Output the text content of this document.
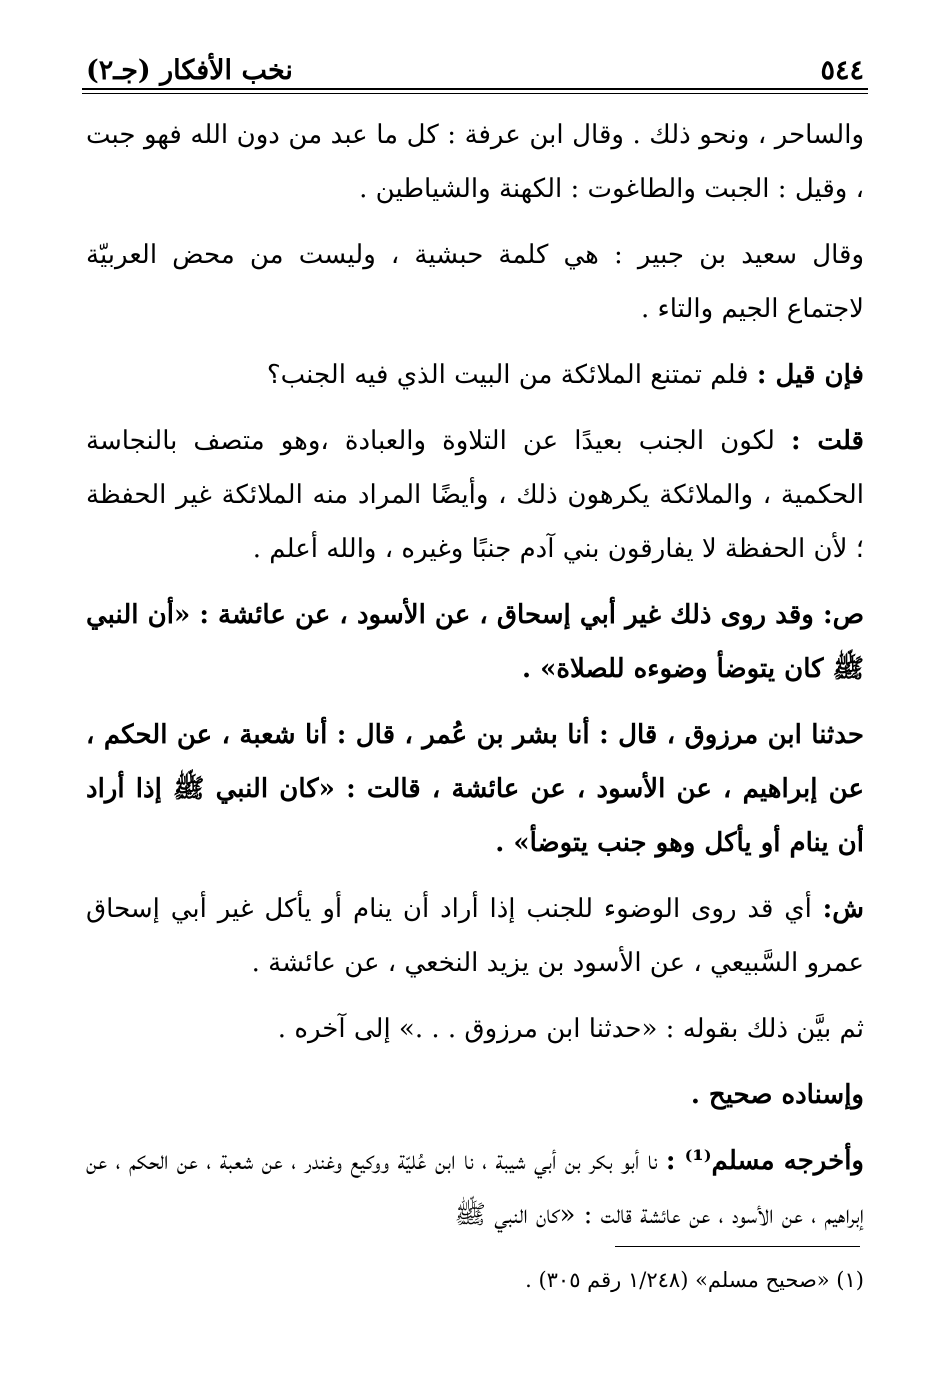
٥٤٤
نخب الأفكار (جـ٢)

والساحر ، ونحو ذلك . وقال ابن عرفة : كل ما عبد من دون الله فهو جبت ، وقيل : الجبت والطاغوت : الكهنة والشياطين .

وقال سعيد بن جبير : هي كلمة حبشية ، وليست من محض العربيّة لاجتماع الجيم والتاء .

فإن قيل : فلم تمتنع الملائكة من البيت الذي فيه الجنب؟

قلت : لكون الجنب بعيدًا عن التلاوة والعبادة ،وهو متصف بالنجاسة الحكمية ، والملائكة يكرهون ذلك ، وأيضًا المراد منه الملائكة غير الحفظة ؛ لأن الحفظة لا يفارقون بني آدم جنبًا وغيره ، والله أعلم .

ص: وقد روى ذلك غير أبي إسحاق ، عن الأسود ، عن عائشة : «أن النبي ﷺ كان يتوضأ وضوءه للصلاة» .

حدثنا ابن مرزوق ، قال : أنا بشر بن عُمر ، قال : أنا شعبة ، عن الحكم ، عن إبراهيم ، عن الأسود ، عن عائشة ، قالت : «كان النبي ﷺ إذا أراد أن ينام أو يأكل وهو جنب يتوضأ» .

ش: أي قد روى الوضوء للجنب إذا أراد أن ينام أو يأكل غير أبي إسحاق عمرو السَّبيعي ، عن الأسود بن يزيد النخعي ، عن عائشة .

ثم بيَّن ذلك بقوله : «حدثنا ابن مرزوق . . .» إلى آخره .

وإسناده صحيح .

وأخرجه مسلم⁽¹⁾ : نا أبو بكر بن أبي شيبة ، نا ابن عُليّة ووكيع وغندر ، عن شعبة ، عن الحكم ، عن إبراهيم ، عن الأسود ، عن عائشة قالت : «كان النبي ﷺ

(١) «صحيح مسلم» (١/٢٤٨ رقم ٣٠٥) .
